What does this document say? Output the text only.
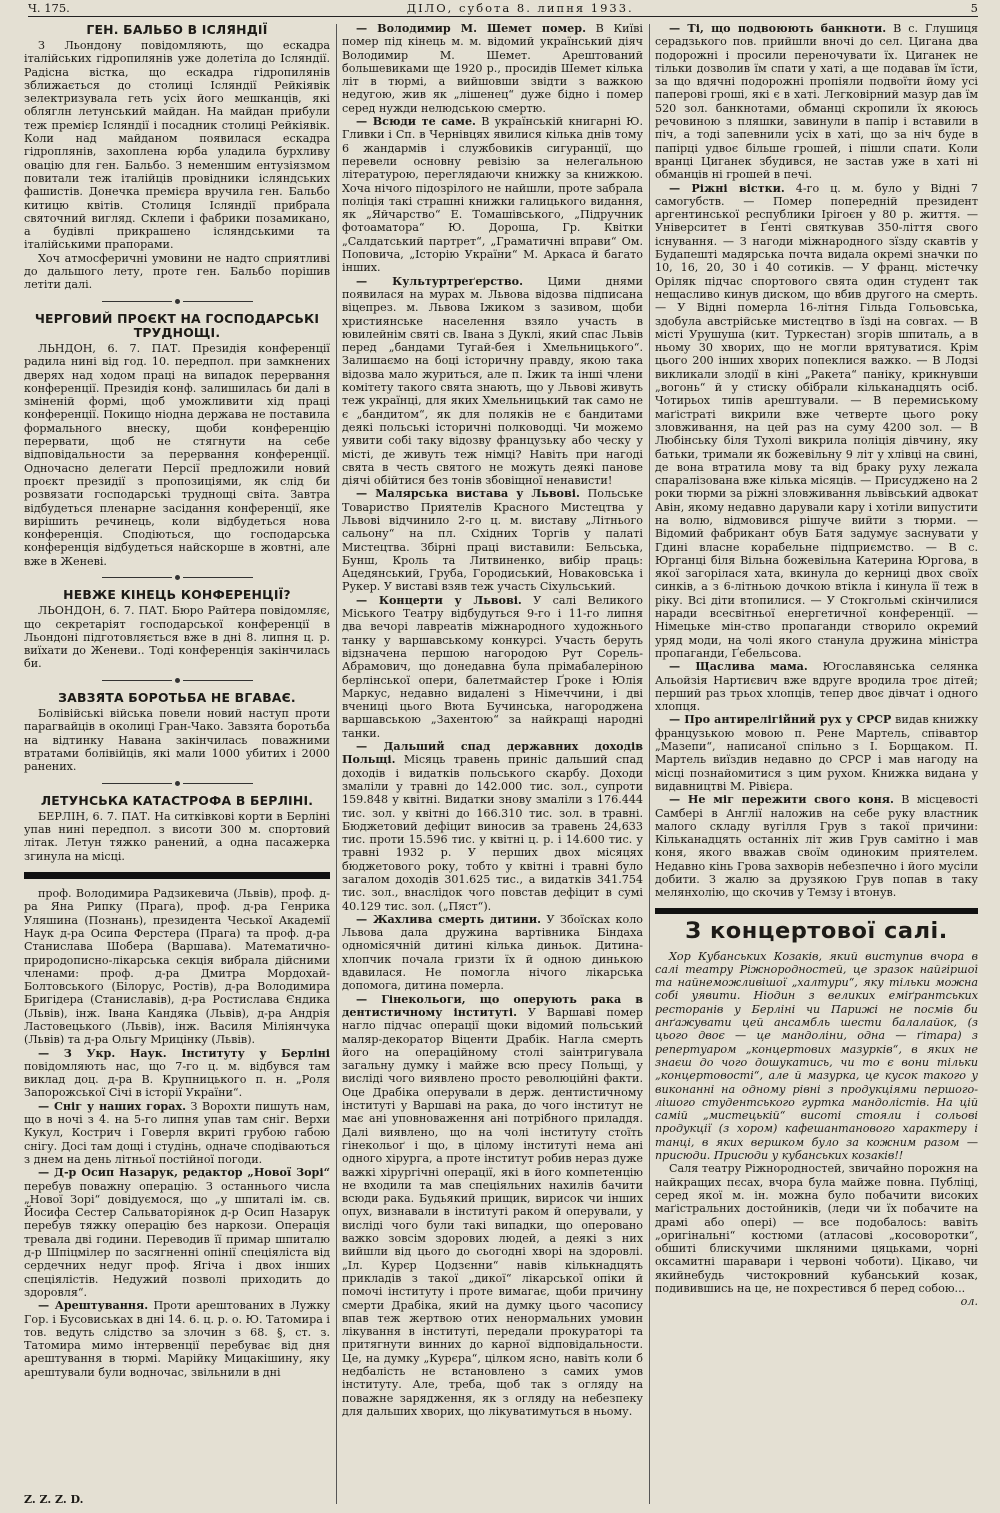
Ч. 175.	ДІЛО, субота 8. липня 1933.	5
ГЕН. БАЛЬБО В ІСЛЯНДІЇ

З Льондону повідомляють, що ескадра італійських гідропилянів уже долетіла до Ісляндії. Радісна вістка, що ескадра гідропилянів зближається до столиці Ісляндії Рейкіявік зелектризувала геть усіх його мешканців, які обляглн летунський майдан. На майдан прибули теж премієр Ісляндії і посадник столиці Рейкіявік. Коли над майданом появилася ескадра гідроплянів, захоплена юрба уладила бурхливу овацію для ген. Бальбо. З неменшим ентузіязмом повитали теж італійців провідники ісляндських фашистів. Донечка премієра вручила ген. Бальбо китицю квітів. Столиця Ісляндії прибрала святочний вигляд. Склепи і фабрики позамикано, а будівлі прикрашено ісляндськими та італійськими прапорами.

Хоч атмосферичні умовини не надто сприятливі до дальшого лету, проте ген. Бальбо порішив летіти далі.

ЧЕРГОВИЙ ПРОЄКТ НА ГОСПОДАРСЬКІ ТРУДНОЩІ.

ЛЬНДОН, 6. 7. ПАТ. Президія конференції радила нині від год. 10. передпол. при замкнених дверях над ходом праці на випадок перервання конференції. Президія конф. залишилась би далі в зміненій формі, щоб уможливити хід праці конференції. Покищо ніодна держава не поставила формального внеску, щоби конференцію перервати, щоб не стягнути на себе відповідальности за перервання конференції. Одночасно делегати Персії предложили новий проєкт президії з пропозиціями, як слід би розвязати господарські труднощі світа. Завтра відбудеться пленарне засідання конференції, яке вирішить речинець, коли відбудеться нова конференція. Сподіються, що господарська конференція відбудеться найскорше в жовтні, але вже в Женеві.

НЕВЖЕ КІНЕЦЬ КОНФЕРЕНЦІЇ?

ЛЬОНДОН, 6. 7. ПАТ. Бюро Райтера повідомляє, що секретаріят господарської конференції в Льондоні підготовляється вже в дні 8. липня ц. р. виїхати до Женеви.. Тоді конференція закінчилась би.

ЗАВЗЯТА БОРОТЬБА НЕ ВГАВАЄ.

Болівійські війська повели новий наступ проти парагвайців в околиці Гран-Чако. Завзята боротьба на відтинку Навана закінчилась поважними втратами болівійців, які мали 1000 убитих і 2000 ранених.

ЛЕТУНСЬКА КАТАСТРОФА В БЕРЛІНІ.

БЕРЛІН, 6. 7. ПАТ. На ситківкові корти в Берліні упав нині передпол. з висоти 300 м. спортовий літак. Летун тяжко ранений, а одна пасажерка згинула на місці.

проф. Володимира Радзикевича (Львів), проф. д-ра Яна Рипку (Прага), проф. д-ра Генрика Уляшина (Познань), президента Чеської Академії Наук д-ра Осипа Ферстера (Прага) та проф. д-ра Станислава Шобера (Варшава). Математично-природописно-лікарська секція вибрала дійсними членами: проф. д-ра Дмитра Мордохай-Болтовського (Білорус, Ростів), д-ра Володимира Бригідера (Станиславів), д-ра Ростислава Єндика (Львів), інж. Івана Кандяка (Львів), д-ра Андрія Ластовецького (Львів), інж. Василя Міліянчука (Львів) та д-ра Ольгу Мрицінку (Львів).

— З Укр. Наук. Інституту у Берліні повідомляють нас, що 7-го ц. м. відбувся там виклад доц. д-ра В. Крупницького п. н. „Роля Запорожської Січі в історії України“.

— Сніг у наших горах. З Ворохти пишуть нам, що в ночі з 4. на 5-го липня упав там сніг. Верхи Кукул, Кострич і Говерля вкриті грубою габою снігу. Досі там дощі і студінь, одначе сподіваються з днем на день літньої постійної погоди.

— Д-р Осип Назарук, редактор „Нової Зорі“ перебув поважну операцію. З останнього числа „Нової Зорі“ довідуємося, що „у шпиталі ім. св. Йосифа Сестер Сальваторіянок д-р Осип Назарук перебув тяжку операцію без наркози. Операція тревала дві години. Переводив її примар шпиталю д-р Шпіцмілер по засягненні опінії спеціяліста від сердечних недуг проф. Ягіча і двох інших спеціялістів. Недужий позволі приходить до здоровля“.

— Арештування. Проти арештованих в Лужку Гор. і Бусовиськах в дні 14. 6. ц. р. о. Ю. Татомира і тов. ведуть слідство за злочин з 68. §, ст. з. Татомира мимо інтервенції перебуває від дня арештування в тюрмі. Марійку Мицакішину, яку арештували були водночас, звільнили в дні

— Володимир М. Шемет помер. В Київі помер під кінець м. м. відомий український діяч Володимир М. Шемет. Арештований большевиками ще 1920 р., просидів Шемет кілька літ в тюрмі, а вийшовши звідти з важкою недугою, жив як „лішенец“ дуже бідно і помер серед нужди нелюдською смертю.

— Всюди те саме. В українській книгарні Ю. Гливки і Сп. в Чернівцях явилися кілька днів тому 6 жандармів і службовиків сигуранції, що перевели основну ревізію за нелегальною літературою, переглядаючи книжку за книжкою. Хоча нічого підозрілого не найшли, проте забрала поліція такі страшні книжки галицького видання, як „Яйчарство“ Е. Томашівського, „Підручник фотоаматора“ Ю. Дороша, Гр. Квітки „Салдатський партрет“, „Граматичні вправи“ Ом. Поповича, „Історію України“ М. Аркаса й багато інших.

— Культуртреґерство. Цими днями появилася на мурах м. Львова відозва підписана віцепрез. м. Львова Іжиком з зазивом, щоби християнське населення взяло участь в ювилейнім святі св. Івана з Дуклі, який спас Львів перед „бандами Тугай-бея і Хмельницького“. Залишаємо на боці історичну правду, якою така відозва мало журиться, але п. Іжик та інші члени комітету такого свята знають, що у Львові живуть теж українці, для яких Хмельницький так само не є „бандитом“, як для поляків не є бандитами деякі польські історичні полководці. Чи можемо уявити собі таку відозву французьку або ческу у місті, де живуть теж німці? Навіть при нагоді свята в честь святого не можуть деякі панове діячі обійтися без тонів збовіщної ненависти!

— Малярська виставa у Львові. Польське Товариство Приятелів Красного Мистецтва у Львові відчинило 2-го ц. м. виставу „Літнього сальону“ на пл. Східних Торгів у палаті Мистецтва. Збірні праці виставили: Бельська, Бунш, Кроль та Литвиненко, вибір праць: Ацедянський, Груба, Городиський, Новаковська і Рукер. У виставі взяв теж участь Сіхульський.

— Концерти у Львові. У салі Великого Міського Театру відбудуться 9-го і 11-го липня два вечорі лавреатів міжнародного художнього танку у варшавському конкурсі. Участь беруть відзначена першою нагородою Рут Сорель-Абрамович, що донедавна була прімабалеріною берлінської опери, балетмайстер Ґроке і Юлія Маркус, недавно видалені з Німеччини, і дві вчениці цього Вюта Бучинська, нагороджена варшавською „Захентою“ за найкращі народні танки.

— Дальший спад державних доходів Польщі. Місяць травень приніс дальший спад доходів і видатків польського скарбу. Доходи змаліли у травні до 142.000 тис. зол., супроти 159.848 у квітні. Видатки знову змаліли з 176.444 тис. зол. у квітні до 166.310 тис. зол. в травні. Бюджетовий дефіцит виносив за травень 24,633 тис. проти 15.596 тис. у квітні ц. р. і 14.600 тис. у травні 1932 р. У перших двох місяцях бюджетового року, тобто у квітні і травні було загалом доходів 301.625 тис., а видатків 341.754 тис. зол., внаслідок чого повстав дефіцит в сумі 40.129 тис. зол. („Пяст“).

— Жахлива смерть дитини. У Збоїсках коло Львова дала дружина вартівника Біндаха одномісячній дитині кілька диньок. Дитина-хлопчик почала гризти їх й одною динькою вдавилася. Не помогла нічого лікарська допомога, дитина померла.

— Гінекольоги, що оперують рака в дентистичному інституті. У Варшаві помер нагло підчас операції щоки відомий польський маляр-декоратор Віценти Драбік. Нагла смерть його на операційному столі заінтригувала загальну думку і майже всю пресу Польщі, у висліді чого виявлено просто революційні факти. Оце Драбіка оперували в держ. дентистичному інституті у Варшаві на рака, до чого інститут не має ані уповноваження ані потрібного приладдя. Далі виявлено, що на чолі інституту стоїть гінекольоґ і що, в цілому інституті нема ані одного хірурга, а проте інститут робив нераз дуже важкі хірургічні операції, які в його компетенцію не входили та мав спеціяльних нахилів бачити всюди рака. Будьякий прищик, вирисок чи інших опух, визнавали в інституті раком й оперували, у висліді чого були такі випадки, що оперовано важко зовсім здорових людей, а деякі з них вийшли від цього до сьогодні хворі на здоровлі. „Іл. Курєр Цодзєнни“ навів кількнадцять прикладів з такої „дикої“ лікарської опіки й помочі інституту і проте вимагає, щоби причину смерти Драбіка, який на думку цього часопису впав теж жертвою отих ненормальних умовин лікування в інституті, передали прокураторі та притягнути винних до карної відповідальности. Це, на думку „Курєра“, цілком ясно, навіть коли б недбалість не встановлено з самих умов інституту. Але, треба, щоб так з огляду на поважне зарядження, як з огляду на небезпеку для дальших хворих, що лікуватимуться в ньому.

— Ті, що подвоюють банкноти. В с. Глушиця серадзького пов. прийшли вночі до сел. Цигана два подорожні і просили переночувати їх. Циганек не тільки дозволив їм спати у хаті, а ще подавав їм їсти, за що вдячні подорожні пропіяли подвоїти йому усі паперові гроші, які є в хаті. Легковірний мазур дав їм 520 зол. банкнотами, обманці скропили їх якоюсь речовиною з пляшки, завинули в папір і вставили в піч, а тоді запевнили усіх в хаті, що за ніч буде в папірці удвоє більше грошей, і пішли спати. Коли вранці Циганек збудився, не застав уже в хаті ні обманців ні грошей в печі.

— Ріжні вістки. 4-го ц. м. було у Відні 7 самогубств. — Помер попередній президент аргентинської республики Ірігоєн у 80 р. життя. — Університет в Ґенті святкував 350-ліття свого існування. — З нагоди міжнародного зїзду скавтів у Будапешті мадярська почта видала окремі значки по 10, 16, 20, 30 і 40 сотиків. — У франц. містечку Оріляк підчас спортового свята один студент так нещасливо кинув диском, що вбив другого на смерть. — У Відні померла 16-літня Гільда Гольовська, здобула австрійське мистецтво в їзді на совгах. — В місті Урушуша (кит. Туркестан) згорів шпиталь, а в ньому 30 хворих, що не могли врятуватися. Крім цього 200 інших хворих попеклися важко. — В Лодзі викликали злодії в кіні „Ракета“ паніку, крикнувши „вогонь“ й у стиску обібрали кільканадцять осіб. Чотирьох типів арештували. — В перемиському маґістраті викрили вже четверте цього року зловживання, на цей раз на суму 4200 зол. — В Любінську біля Тухолі викрила поліція дівчину, яку батьки, тримали як божевільну 9 літ у хлівці на свині, де вона втратила мову та від браку руху лежала спаралізована вже кілька місяців. — Присуджено на 2 роки тюрми за ріжні зловживання львівський адвокат Авін, якому недавно дарували кару і хотіли випустити на волю, відмовився рішуче вийти з тюрми. — Відомий фабрикант обув Батя задумує заснувати у Гдині власне корабельне підприємство. — В с. Юрганці біля Вільна божевільна Катерина Юргова, в якої загорілася хата, вкинула до керниці двох своїх синків, а з 6-літньою дочкою втікла і кинула її теж в ріку. Всі діти втопилися. — У Стокгольмі скінчилися наради всесвітньої енергетичної конференції. — Німецьке мін-ство пропаганди створило окремий уряд моди, на чолі якого станула дружина міністра пропаганди, Ґебельсова.

— Щаслива мама. Югославянська селянка Альойзія Нартиєвич вже вдруге вродила троє дітей; перший раз трьох хлопців, тепер двоє дівчат і одного хлопця.

— Про антирелігійний рух у СРСР видав книжку французькою мовою п. Рене Мартель, співавтор „Мазепи“, написаної спільно з І. Борщаком. П. Мартель виїздив недавно до СРСР і мав нагоду на місці познайомитися з цим рухом. Книжка видана у видавництві М. Рівієра.

— Не міг пережити свого коня. В місцевості Самбері в Англії наложив на себе руку властник малого складу вугілля Грув з такої причини: Кільканадцять останніх літ жив Грув самітно і мав коня, якого вважав своїм одиноким приятелем. Недавно кінь Грова захворів небезпечно і його мусіли добити. З жалю за друзякою Грув попав в таку мелянхолію, що скочив у Темзу і втонув.

З концертової салі.

Хор Кубанських Козаків, який виступив вчора в салі театру Ріжнородностей, це зразок найгіршої та найнеможливішої „халтури“, яку тільки можна собі уявити. Ніодин з великих еміґрантських ресторанів у Берліні чи Парижі не посмів би анґажувати цей ансамбль шести балалайок, (з цього двоє — це мандоліни, одна — ґітара) з репертуаром „концертових мазурків“, в яких не знаєш до чого дошукатись, чи то є вони тільки „концертовості“, але й мазурка, це кусок такого у виконанні на одному рівні з продукціями першого-лішого студентського гуртка мандолістів. На цій самій „мистецькій“ висоті стояли і сольові продукції (з хором) кафешантанового характеру і танці, в яких вершком було за кожним разом — присюди. Присюди у кубанських козаків!!

Саля театру Ріжнородностей, звичайно порожня на найкращих пєсах, вчора була майже повна. Публіці, серед якої м. ін. можна було побачити високих маґістральних достойників, (леди чи їх побачите на драмі або опері) — все подобалось: вавіть „оригінальні“ костюми (атласові „косоворотки“, обшиті блискучими шкляними цяцьками, чорні оксамитні шаравари і червоні чоботи). Цікаво, чи якийнебудь чистокровний кубанський козак, подивившись на це, не похрестився б перед собою...

ол.
Z. Z. Z. D.
